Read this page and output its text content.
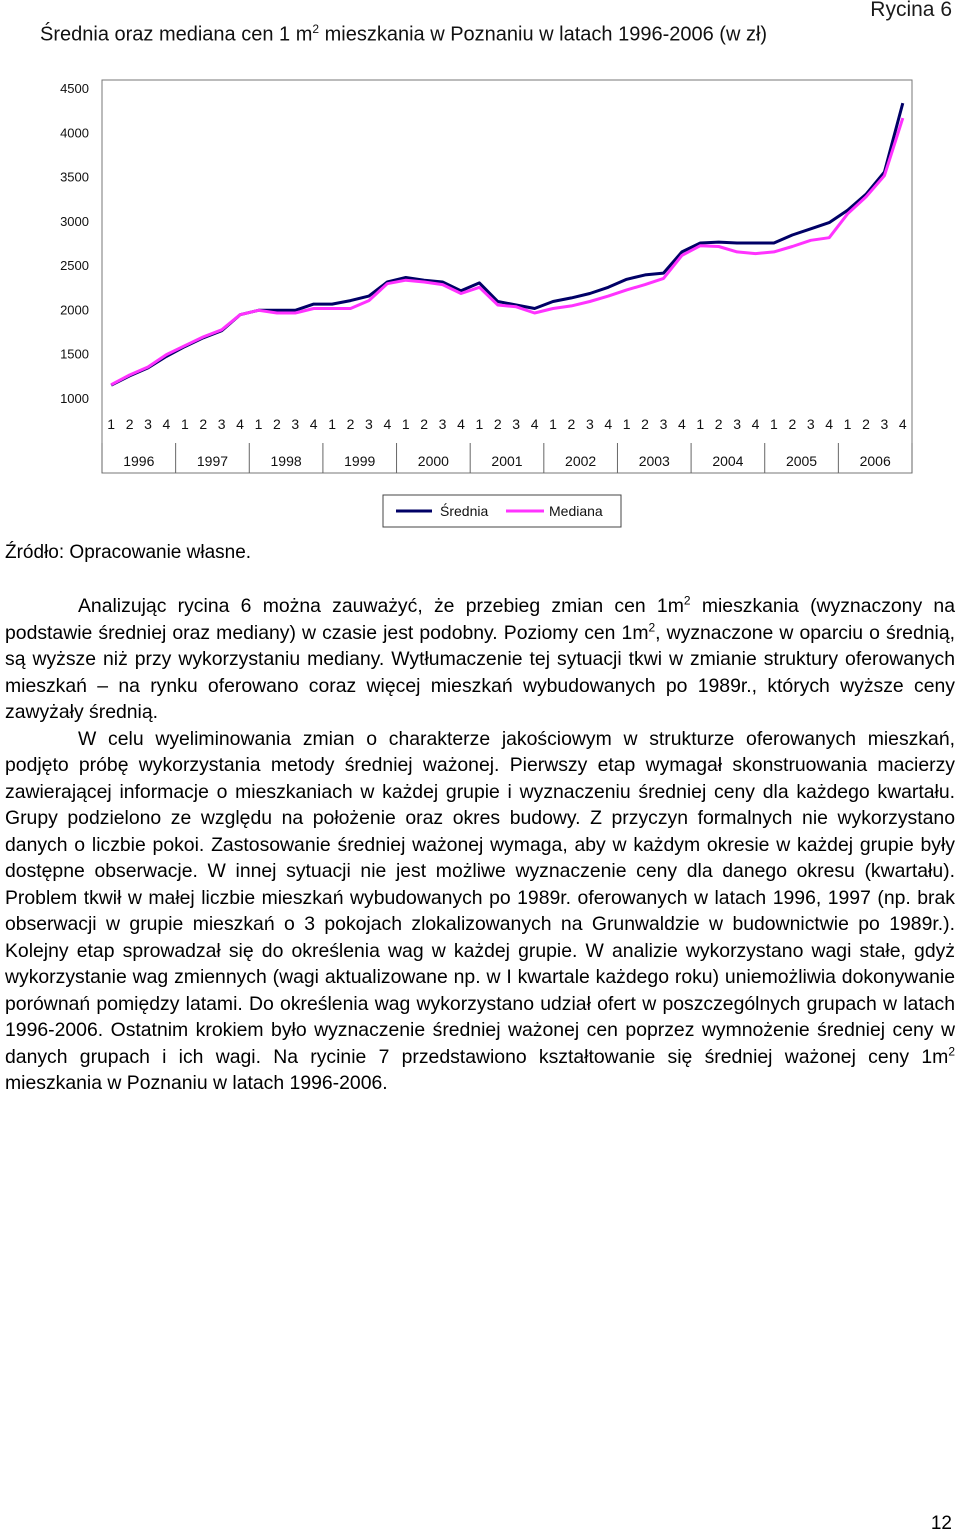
Rycina 6
Średnia oraz mediana cen 1 $m^2$ mieszkania w Poznaniu w latach 1996-2006 (w zł)
4500
4000
3500
3000
2500
2000
1500
1000
1 2 3 4 1 2 3 4 1 2 3 4 1 2 3 4 1 2 3 4 1 2 3 4 1 2 3 4 1 2 3 4 1 2 3 4 1 2 3 4 1 2 3 4
1996	1997	1998	1999	2000	2001	2002	2003	2004	2005	2006
Średnia	Mediana
Źródło: Opracowanie własne.

Analizując rycina 6 można zauważyć, że przebieg zmian cen $1m^2$ mieszkania (wyznaczony na podstawie średniej oraz mediany) w czasie jest podobny. Poziomy cen $1m^2$, wyznaczone w oparciu o średnią, są wyższe niż przy wykorzystaniu mediany. Wytłumaczenie tej sytuacji tkwi w zmianie struktury oferowanych mieszkań – na rynku oferowano coraz więcej mieszkań wybudowanych po 1989r., których wyższe ceny zawyżały średnią.

W celu wyeliminowania zmian o charakterze jakościowym w strukturze oferowanych mieszkań, podjęto próbę wykorzystania metody średniej ważonej. Pierwszy etap wymagał skonstruowania macierzy zawierającej informacje o mieszkaniach w każdej grupie i wyznaczeniu średniej ceny dla każdego kwartału. Grupy podzielono ze względu na położenie oraz okres budowy. Z przyczyn formalnych nie wykorzystano danych o liczbie pokoi. Zastosowanie średniej ważonej wymaga, aby w każdym okresie w każdej grupie były dostępne obserwacje. W innej sytuacji nie jest możliwe wyznaczenie ceny dla danego okresu (kwartału). Problem tkwił w małej liczbie mieszkań wybudowanych po 1989r. oferowanych w latach 1996, 1997 (np. brak obserwacji w grupie mieszkań o 3 pokojach zlokalizowanych na Grunwaldzie w budownictwie po 1989r.). Kolejny etap sprowadzał się do określenia wag w każdej grupie. W analizie wykorzystano wagi stałe, gdyż wykorzystanie wag zmiennych (wagi aktualizowane np. w I kwartale każdego roku) uniemożliwia dokonywanie porównań pomiędzy latami. Do określenia wag wykorzystano udział ofert w poszczególnych grupach w latach 1996-2006. Ostatnim krokiem było wyznaczenie średniej ważonej cen poprzez wymnożenie średniej ceny w danych grupach i ich wagi. Na rycinie 7 przedstawiono kształtowanie się średniej ważonej ceny $1m^2$ mieszkania w Poznaniu w latach 1996-2006.

12
